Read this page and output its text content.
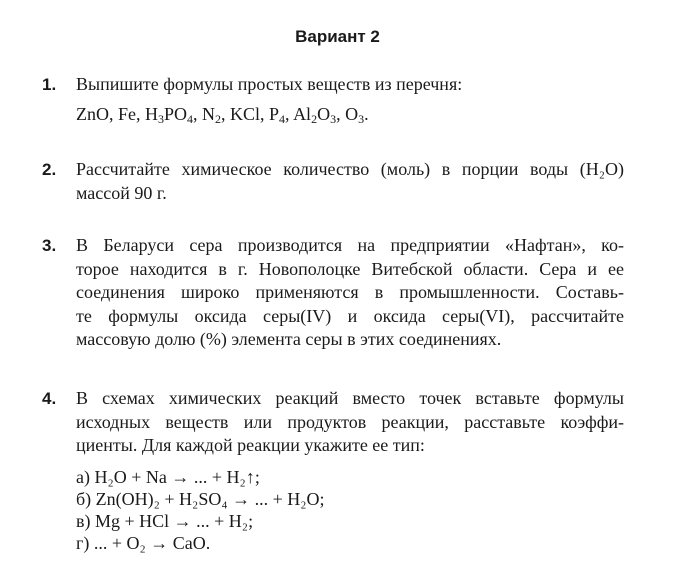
Вариант 2
1. Выпишите формулы простых веществ из перечня:
ZnO, Fe, $H_3PO_4$, $N_2$, KCl, $P_4$, $Al_2O_3$, $O_3$.
2. Рассчитайте химическое количество (моль) в порции воды (H₂O)
массой 90 г.
3. В Беларуси сера производится на предприятии «Нафтан», ко-
торое находится в г. Новополоцке Витебской области. Сера и ее
соединения широко применяются в промышленности. Составь-
те формулы оксида серы(IV) и оксида серы(VI), рассчитайте
массовую долю (%) элемента серы в этих соединениях.
4. В схемах химических реакций вместо точек вставьте формулы
исходных веществ или продуктов реакции, расставьте коэффи-
циенты. Для каждой реакции укажите ее тип:
а) H₂O + Na → ... + H₂↑;
б) Zn(OH)₂ + H₂SO₄ → ... + H₂O;
в) Mg + HCl → ... + H₂;
г) ... + O₂ → CaO.
